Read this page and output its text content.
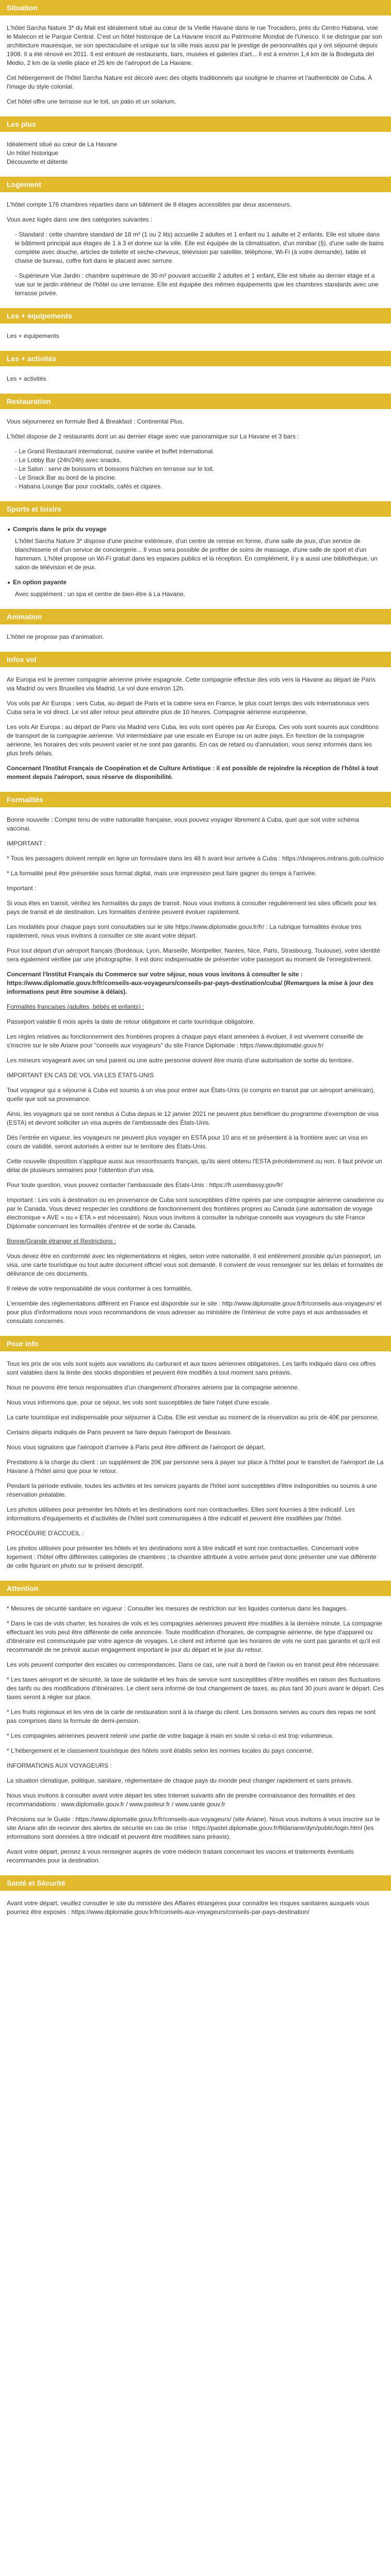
Situation

L'hôtel Sarcha Nature 3* du Mali est idéalement situé au cœur de la Vieille Havane dans le rue Trocadero, près du Centro Habana, voie le Malecon et le Parque Central. C'est un hôtel historique de La Havane inscrit au Patrimoine Mondial de l'Unesco. Il se distingue par son architecture mauresque, se son spectaculaire et unique sur la ville mais aussi par le prestige de personnalités qui y ont séjourné depuis 1908. Il a été rénové en 2011. Il est entouré de restaurants, bars, musées et galeries d'art... Il est à environ 1,4 km de la Bodeguita del Medio, 2 km de la vieille place et 25 km de l'aéroport de La Havane.

Cet hébergement de l'hôtel Sarcha Nature est décoré avec des objets traditionnels qui souligne le charme et l'authenticité de Cuba. À l'image du style colonial.

Cet hôtel offre une terrasse sur le toit, un patio et un solarium.

Les plus
Idéalement situé au cœur de La Havane
Un hôtel historique
Découverte et détente
Logement

L'hôtel compte 176 chambres réparties dans un bâtiment de 8 étages accessibles par deux ascenseurs.

Vous avez logés dans une des catégories suivantes :

- Standard : cette chambre standard de 18 m² (1 ou 2 lits) accueille 2 adultes et 1 enfant ou 1 adulte et 2 enfants. Elle est située dans le bâtiment principal aux étages de 1 à 3 et donne sur la ville. Elle est équipée de la climatisation, d'un minibar (§), d'une salle de bains complète avec douche, articles de toilette et sèche-cheveux, télévision par satellite, téléphone, Wi-Fi (à votre demande), table et chaise de bureau, coffre fort dans le placard avec serrure.

- Supérieure Vue Jardin : chambre supérieure de 30 m² pouvant accueillir 2 adultes et 1 enfant, Elle est située au dernier étage et a vue sur le jardin intérieur de l'hôtel ou une terrasse. Elle est équipée des mêmes équipements que les chambres standards avec une terrasse privée.

Les + équipements
Les + équipements
Les + activités
Les + activités
Restauration

Vous séjournerez en formule Bed & Breakfast : Continental Plus.

L'hôtel dispose de 2 restaurants dont un au dernier étage avec vue panoramique sur La Havane et 3 bars :

- Le Grand Restaurant international, cuisine variée et buffet international.
- Le Lobby Bar (24h/24h) avec snacks.
- Le Salon : servi de boissons et boissons fraîches en terrasse sur le toit.
- Le Snack Bar au bord de la piscine.
- Habana Lounge Bar pour cocktails, cafés et cigares.
Sports et loisirs
Compris dans le prix du voyage

L'hôtel Sarcha Nature 3* dispose d'une piscine extérieure, d'un centre de remise en forme, d'une salle de jeux, d'un service de blanchisserie et d'un service de conciergerie... Il vous sera possible de profiter de soins de massage, d'une salle de sport et d'un hammam. L'hôtel propose un Wi-Fi gratuit dans les espaces publics et la réception. En complément, il y a aussi une bibliothèque, un salon de télévision et de jeux.

En option payante

Avec supplément : un spa et centre de bien-être à La Havane.

Animation

L'hôtel ne propose pas d'animation.

Infos vol

Air Europa est le premier compagnie aérienne privée espagnole. Cette compagnie effectue des vols vers la Havane au départ de Paris via Madrid ou vers Bruxelles via Madrid. Le vol dure environ 12h.

Vos vols par Air Europa : vers Cuba, au départ de Paris et la cabine sera en France, le plus court temps des vols internationaux vers Cuba sera le vol direct. Le vol aller retour peut atteindre plus de 10 heures. Compagnie aérienne européenne.

Les vols Air Europa : au départ de Paris via Madrid vers Cuba, les vols sont opérés par Air Europa. Ces vols sont soumis aux conditions de transport de la compagnie aérienne. Vol intermédiaire par une escale en Europe ou un autre pays. En fonction de la compagnie aérienne, les horaires des vols peuvent varier et ne sont pas garantis. En cas de retard ou d'annulation, vous serez informés dans les plus brefs délais.

Concernant l'Institut Français de Coopération et de Culture Artistique : il est possible de rejoindre la réception de l'hôtel à tout moment depuis l'aéroport, sous réserve de disponibilité.

Formalités

Bonne nouvelle : Compte tenu de votre nationalité française, vous pouvez voyager librement à Cuba, quel que soit votre schéma vaccinal.

IMPORTANT :

* Tous les passagers doivent remplir en ligne un formulaire dans les 48 h avant leur arrivée à Cuba : https://dviajeros.mitrans.gob.cu/inicio

* La formalité peut être présentée sous format digital, mais une impression peut faire gagner du temps à l'arrivée.

Important :

Si vous êtes en transit, vérifiez les formalités du pays de transit. Nous vous invitons à consulter régulièrement les sites officiels pour les pays de transit et de destination. Les formalités d'entrée peuvent évoluer rapidement.

Les modalités pour chaque pays sont consultables sur le site https://www.diplomatie.gouv.fr/fr/ : La rubrique formalités évolue très rapidement, nous vous invitons à consulter ce site avant votre départ.

Pour tout départ d'un aéroport français (Bordeaux, Lyon, Marseille, Montpellier, Nantes, Nice, Paris, Strasbourg, Toulouse), votre identité sera également vérifiée par une photographie. Il est donc indispensable de présenter votre passeport au moment de l'enregistrement.

Concernant l'Institut Français du Commerce sur votre séjour, nous vous invitons à consulter le site : https://www.diplomatie.gouv.fr/fr/conseils-aux-voyageurs/conseils-par-pays-destination/cuba/ (Remarques la mise à jour des informations peut être soumise à délais).

Formalités françaises (adultes, bébés et enfants) :

Passeport valable 6 mois après la date de retour obligatoire et carte touristique obligatoire.

Les règles relatives au fonctionnement des frontières propres à chaque pays étant amenées à évoluer, il est vivement conseillé de s'inscrire sur le site Ariane pour "conseils aux voyageurs" du site France Diplomatie : https://www.diplomatie.gouv.fr/

Les mineurs voyageant avec un seul parent ou une autre personne doivent être munis d'une autorisation de sortie du territoire.

IMPORTANT EN CAS DE VOL VIA LES ÉTATS-UNIS

Tout voyageur qui a séjourné à Cuba est soumis à un visa pour entrer aux États-Unis (si compris en transit par un aéroport américain), quelle que soit sa provenance.

Ainsi, les voyageurs qui se sont rendus à Cuba depuis le 12 janvier 2021 ne peuvent plus bénéficier du programme d'exemption de visa (ESTA) et devront solliciter un visa auprès de l'ambassade des États-Unis.

Dès l'entrée en vigueur, les voyageurs ne peuvent plus voyager en ESTA pour 10 ans et se présentent à la frontière avec un visa en cours de validité, seront autorisés à entrer sur le territoire des États-Unis.

Cette nouvelle disposition s'applique aussi aux ressortissants français, qu'ils aient obtenu l'ESTA précédemment ou non. Il faut prévoir un délai de plusieurs semaines pour l'obtention d'un visa.

Pour toute question, vous pouvez contacter l'ambassade des États-Unis : https://fr.usembassy.gov/fr/

Important : Les vols à destination ou en provenance de Cuba sont susceptibles d'être opérés par une compagnie aérienne canadienne ou par le Canada. Vous devez respecter les conditions de fonctionnement des frontières propres au Canada (une autorisation de voyage électronique « AVE » ou « ETA » est nécessaire). Nous vous invitons à consulter la rubrique conseils aux voyageurs du site France Diplomatie concernant les formalités d'entrée et de sortie du Canada.

Bonne/Grande étranger et Restrictions :

Vous devez être en conformité avec les réglementations et règles, selon votre nationalité. Il est entièrement possible qu'un passeport, un visa, une carte touristique ou tout autre document officiel vous soit demandé. Il convient de vous renseigner sur les délais et formalités de délivrance de ces documents.

Il relève de votre responsabilité de vous conformer à ces formalités.

L'ensemble des réglementations diffèrent en France est disponible sur le site : http://www.diplomatie.gouv.fr/fr/conseils-aux-voyageurs/ et pour plus d'informations nous vous recommandons de vous adresser au ministère de l'intérieur de votre pays et aux ambassades et consulats concernés.

Pour info

Tous les prix de vos vols sont sujets aux variations du carburant et aux taxes aériennes obligatoires. Les tarifs indiqués dans ces offres sont valables dans la limite des stocks disponibles et peuvent être modifiés à tout moment sans préavis.

Nous ne pouvons être tenus responsables d'un changement d'horaires aériens par la compagnie aérienne.

Nous vous informons que, pour ce séjour, les vols sont susceptibles de faire l'objet d'une escale.

La carte touristique est indispensable pour séjourner à Cuba. Elle est vendue au moment de la réservation au prix de 40€ par personne.

Certains départs indiqués de Paris peuvent se faire depuis l'aéroport de Beauvais.

Nous vous signalons que l'aéroport d'arrivée à Paris peut être différent de l'aéroport de départ.

Prestations à la charge du client : un supplément de 20€ par personne sera à payer sur place à l'hôtel pour le transfert de l'aéroport de La Havane à l'hôtel ainsi que pour le retour.

Pendant la période estivale, toutes les activités et les services payants de l'hôtel sont susceptibles d'être indisponibles ou soumis à une réservation préalable.

Les photos utilisées pour présenter les hôtels et les destinations sont non contractuelles. Elles sont fournies à titre indicatif. Les informations d'équipements et d'activités de l'hôtel sont communiquées à titre indicatif et peuvent être modifiées par l'hôtel.

PROCÉDURE D'ACCUEIL :

Les photos utilisées pour présenter les hôtels et les destinations sont à titre indicatif et sont non contractuelles. Concernant votre logement : l'hôtel offre différentes catégories de chambres ; la chambre attribuée à votre arrivée peut donc présenter une vue différente de celle figurant en photo sur le présent descriptif.

Attention

* Mesures de sécurité sanitaire en vigueur : Consulter les mesures de restriction sur les liquides contenus dans les bagages.

* Dans le cas de vols charter, les horaires de vols et les compagnies aériennes peuvent être modifiés à la dernière minute. La compagnie effectuant les vols peut être différente de celle annoncée. Toute modification d'horaires, de compagnie aérienne, de type d'appareil ou d'itinéraire est communiquée par votre agence de voyages. Le client est informé que les horaires de vols ne sont pas garantis et qu'il est recommandé de ne prévoir aucun engagement important le jour du départ et le jour du retour.

Les vols peuvent comporter des escales ou correspondances. Dans ce cas, une nuit à bord de l'avion ou en transit peut être nécessaire.

* Les taxes aéroport et de sécurité, la taxe de solidarité et les frais de service sont susceptibles d'être modifiés en raison des fluctuations des tarifs ou des modifications d'itinéraires. Le client sera informé de tout changement de taxes, au plus tard 30 jours avant le départ. Ces taxes seront à régler sur place.

* Les fruits régionaux et les vins de la carte de restauration sont à la charge du client. Les boissons servies au cours des repas ne sont pas comprises dans la formule de demi-pension.

* Les compagnies aériennes peuvent retenir une partie de votre bagage à main en soute si celui-ci est trop volumineux.

* L'hébergement et le classement touristique des hôtels sont établis selon les normes locales du pays concerné.

INFORMATIONS AUX VOYAGEURS :

La situation climatique, politique, sanitaire, réglementaire de chaque pays du monde peut changer rapidement et sans préavis.

Nous vous invitons à consulter avant votre départ les sites Internet suivants afin de prendre connaissance des formalités et des recommandations : www.diplomatie.gouv.fr / www.pasteur.fr / www.sante.gouv.fr

Précisions sur le Guide : https://www.diplomatie.gouv.fr/fr/conseils-aux-voyageurs/ (site Ariane). Nous vous invitons à vous inscrire sur le site Ariane afin de recevoir des alertes de sécurité en cas de crise : https://pastel.diplomatie.gouv.fr/fildariane/dyn/public/login.html (les informations sont données à titre indicatif et peuvent être modifiées sans préavis).

Avant votre départ, pensez à vous renseigner auprès de votre médecin traitant concernant les vaccins et traitements éventuels recommandés pour la destination.

Santé et Sécurité

Avant votre départ, veuillez consulter le site du ministère des Affaires étrangères pour connaître les risques sanitaires auxquels vous pourriez être exposés : https://www.diplomatie.gouv.fr/fr/conseils-aux-voyageurs/conseils-par-pays-destination/
